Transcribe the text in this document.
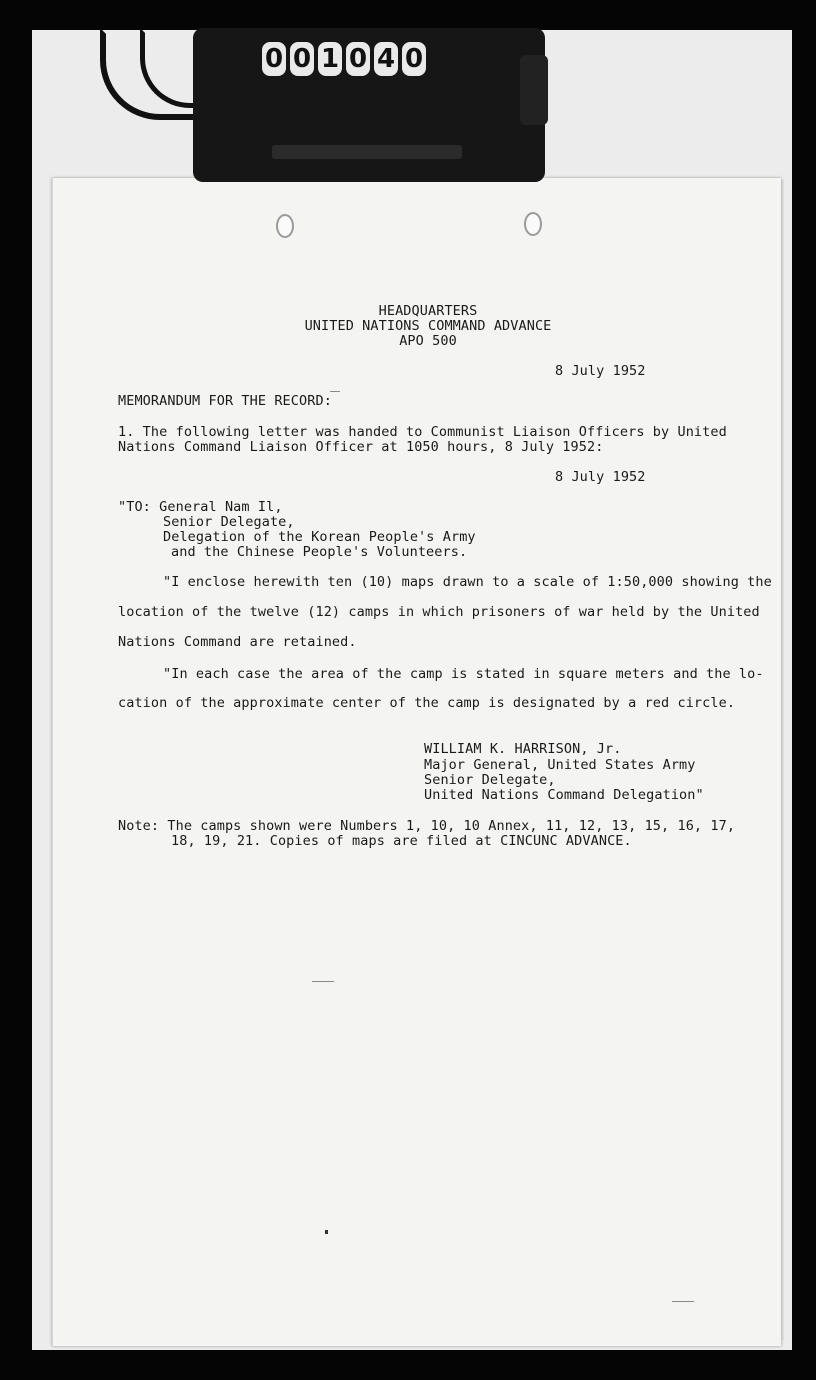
0 0 1 0 4 0
HEADQUARTERS
UNITED NATIONS COMMAND ADVANCE
APO 500
8 July 1952
MEMORANDUM FOR THE RECORD:
1. The following letter was handed to Communist Liaison Officers by United
Nations Command Liaison Officer at 1050 hours, 8 July 1952:
8 July 1952
"TO: General Nam Il,
Senior Delegate,
Delegation of the Korean People's Army
and the Chinese People's Volunteers.
"I enclose herewith ten (10) maps drawn to a scale of 1:50,000 showing the
location of the twelve (12) camps in which prisoners of war held by the United
Nations Command are retained.
"In each case the area of the camp is stated in square meters and the lo-
cation of the approximate center of the camp is designated by a red circle.
WILLIAM K. HARRISON, Jr.
Major General, United States Army
Senior Delegate,
United Nations Command Delegation"
Note: The camps shown were Numbers 1, 10, 10 Annex, 11, 12, 13, 15, 16, 17,
18, 19, 21. Copies of maps are filed at CINCUNC ADVANCE.
